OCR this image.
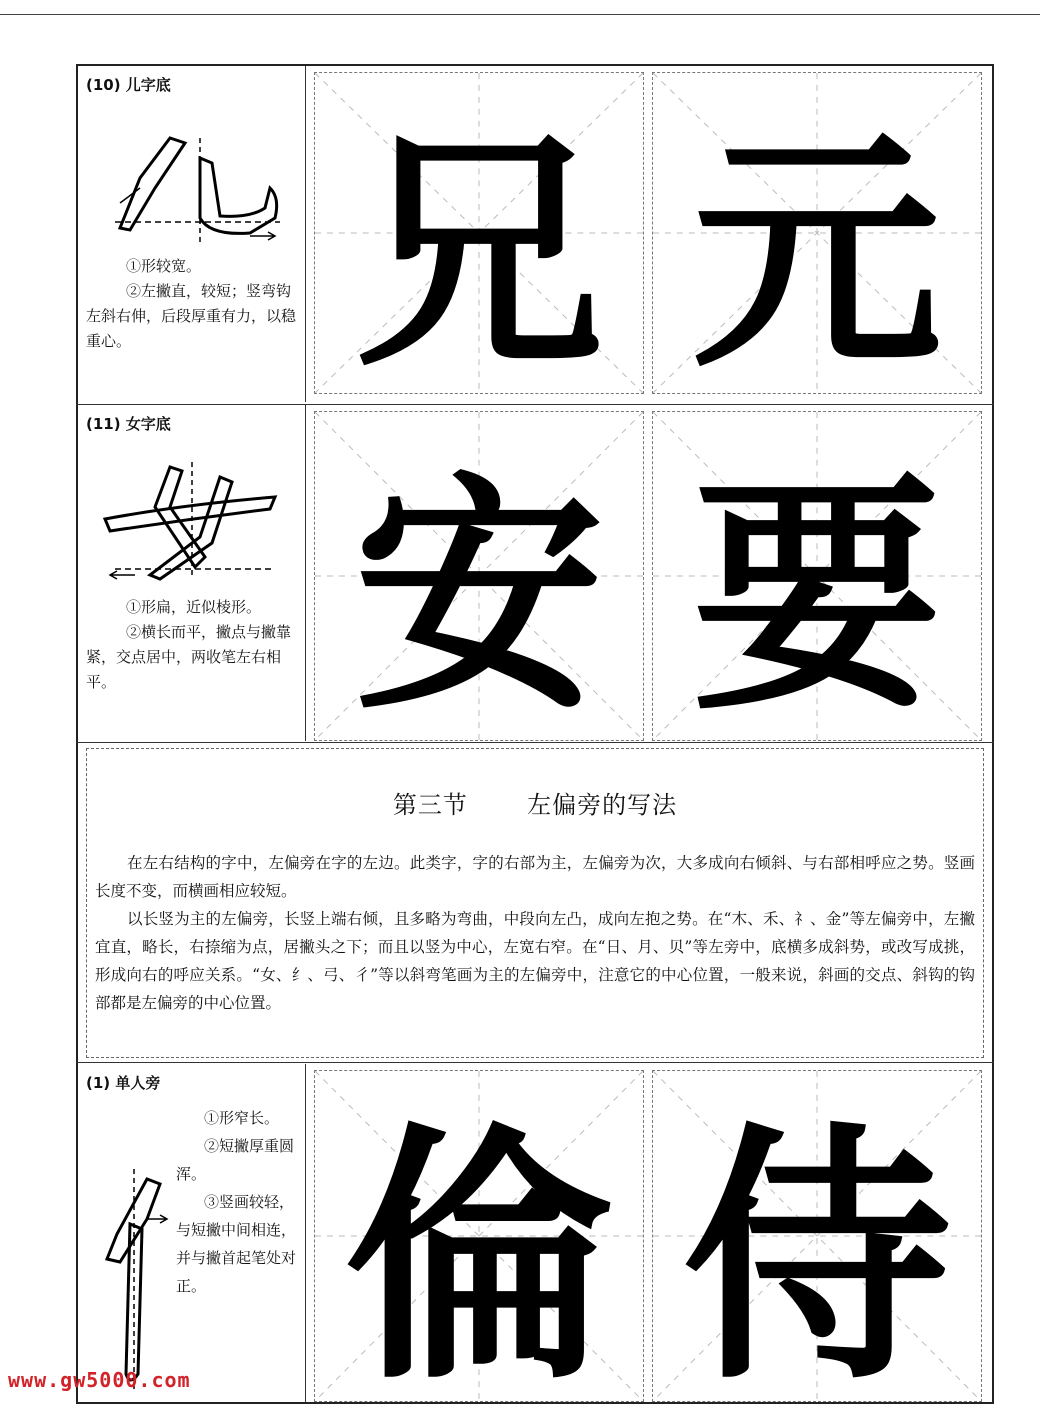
(10) 儿字底

①形较宽。

②左撇直，较短；竖弯钩左斜右伸，后段厚重有力，以稳重心。 兄 元
(11) 女字底

①形扁，近似棱形。

②横长而平，撇点与撇靠紧，交点居中，两收笔左右相平。 安 要
第三节 左偏旁的写法
在左右结构的字中，左偏旁在字的左边。此类字，字的右部为主，左偏旁为次，大多成向右倾斜、与右部相呼应之势。竖画长度不变，而横画相应较短。
以长竖为主的左偏旁，长竖上端右倾，且多略为弯曲，中段向左凸，成向左抱之势。在“木、禾、礻、金”等左偏旁中，左撇宜直，略长，右捺缩为点，居撇头之下；而且以竖为中心，左宽右窄。在“日、月、贝”等左旁中，底横多成斜势，或改写成挑，形成向右的呼应关系。“女、纟、弓、彳”等以斜弯笔画为主的左偏旁中，注意它的中心位置，一般来说，斜画的交点、斜钩的钩部都是左偏旁的中心位置。
(1) 单人旁

①形窄长。

②短撇厚重圆浑。

③竖画较轻，与短撇中间相连，并与撇首起笔处对正。 倫 侍
www.gw5000.com
